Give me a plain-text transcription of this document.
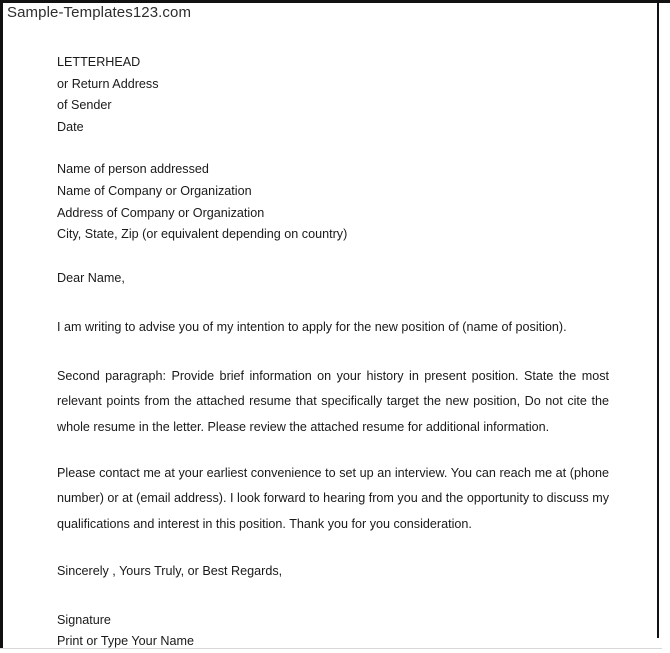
Sample-Templates123.com
LETTERHEAD
or Return Address
of Sender
Date
Name of person addressed
Name of Company or Organization
Address of Company or Organization
City, State, Zip (or equivalent depending on country)
Dear Name,

I am writing to advise you of my intention to apply for the new position of (name of position).

Second paragraph: Provide brief information on your history in present position. State the most relevant points from the attached resume that specifically target the new position, Do not cite the whole resume in the letter. Please review the attached resume for additional information.

Please contact me at your earliest convenience to set up an interview. You can reach me at (phone number) or at (email address). I look forward to hearing from you and the opportunity to discuss my qualifications and interest in this position. Thank you for you consideration.

Sincerely , Yours Truly, or Best Regards,
Signature
Print or Type Your Name
